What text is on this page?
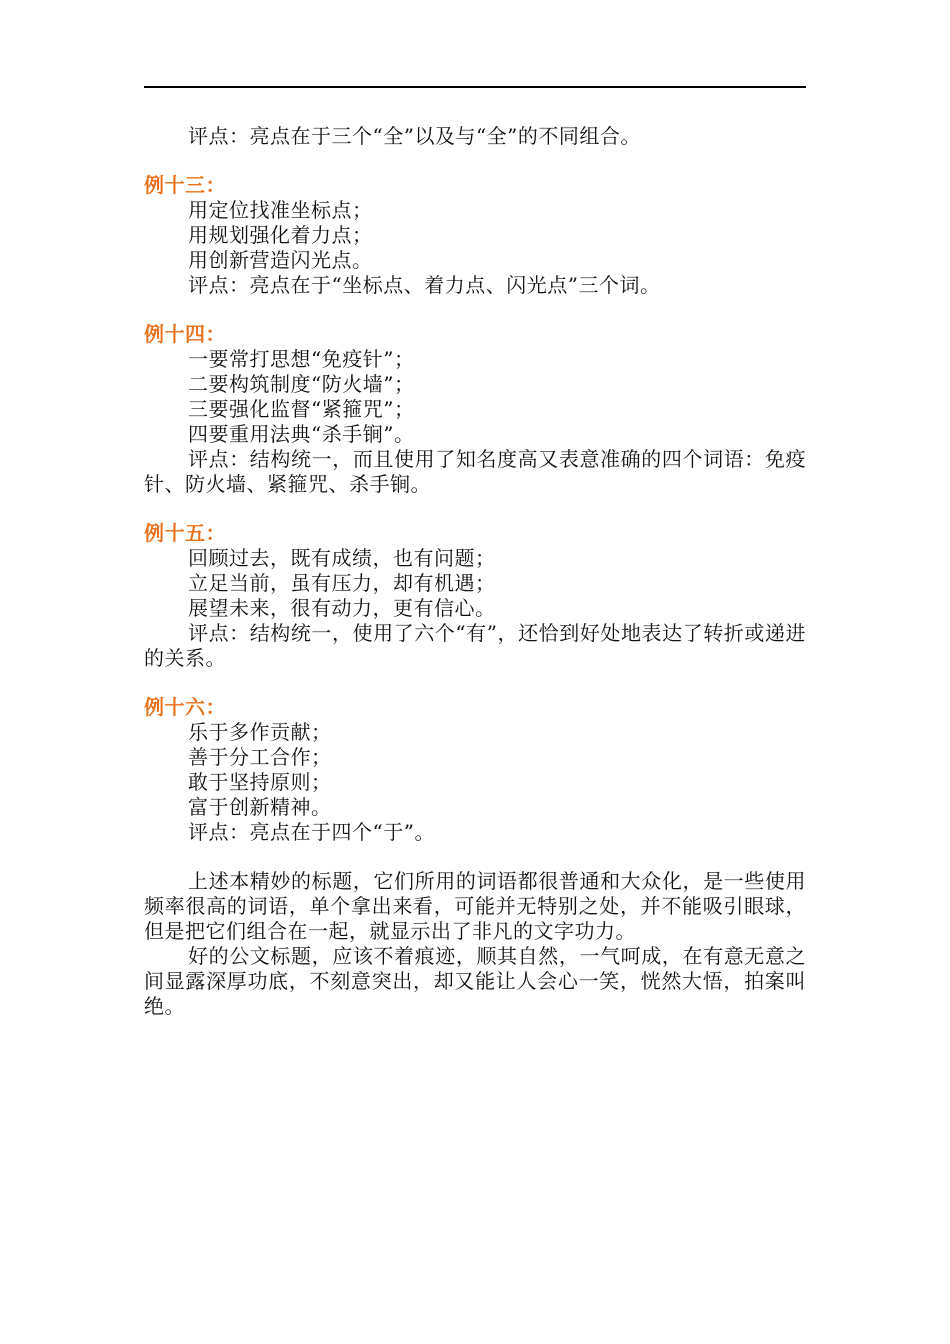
评点：亮点在于三个“全”以及与“全”的不同组合。
例十三：
用定位找准坐标点；
用规划强化着力点；
用创新营造闪光点。
评点：亮点在于“坐标点、着力点、闪光点”三个词。
例十四：
一要常打思想“免疫针”；
二要构筑制度“防火墙”；
三要强化监督“紧箍咒”；
四要重用法典“杀手锏”。
评点：结构统一，而且使用了知名度高又表意准确的四个词语：免疫针、防火墙、紧箍咒、杀手锏。
例十五：
回顾过去，既有成绩，也有问题；
立足当前，虽有压力，却有机遇；
展望未来，很有动力，更有信心。
评点：结构统一，使用了六个“有”，还恰到好处地表达了转折或递进的关系。
例十六：
乐于多作贡献；
善于分工合作；
敢于坚持原则；
富于创新精神。
评点：亮点在于四个“于”。
上述本精妙的标题，它们所用的词语都很普通和大众化，是一些使用频率很高的词语，单个拿出来看，可能并无特别之处，并不能吸引眼球，但是把它们组合在一起，就显示出了非凡的文字功力。
好的公文标题，应该不着痕迹，顺其自然，一气呵成，在有意无意之间显露深厚功底，不刻意突出，却又能让人会心一笑，恍然大悟，拍案叫绝。
